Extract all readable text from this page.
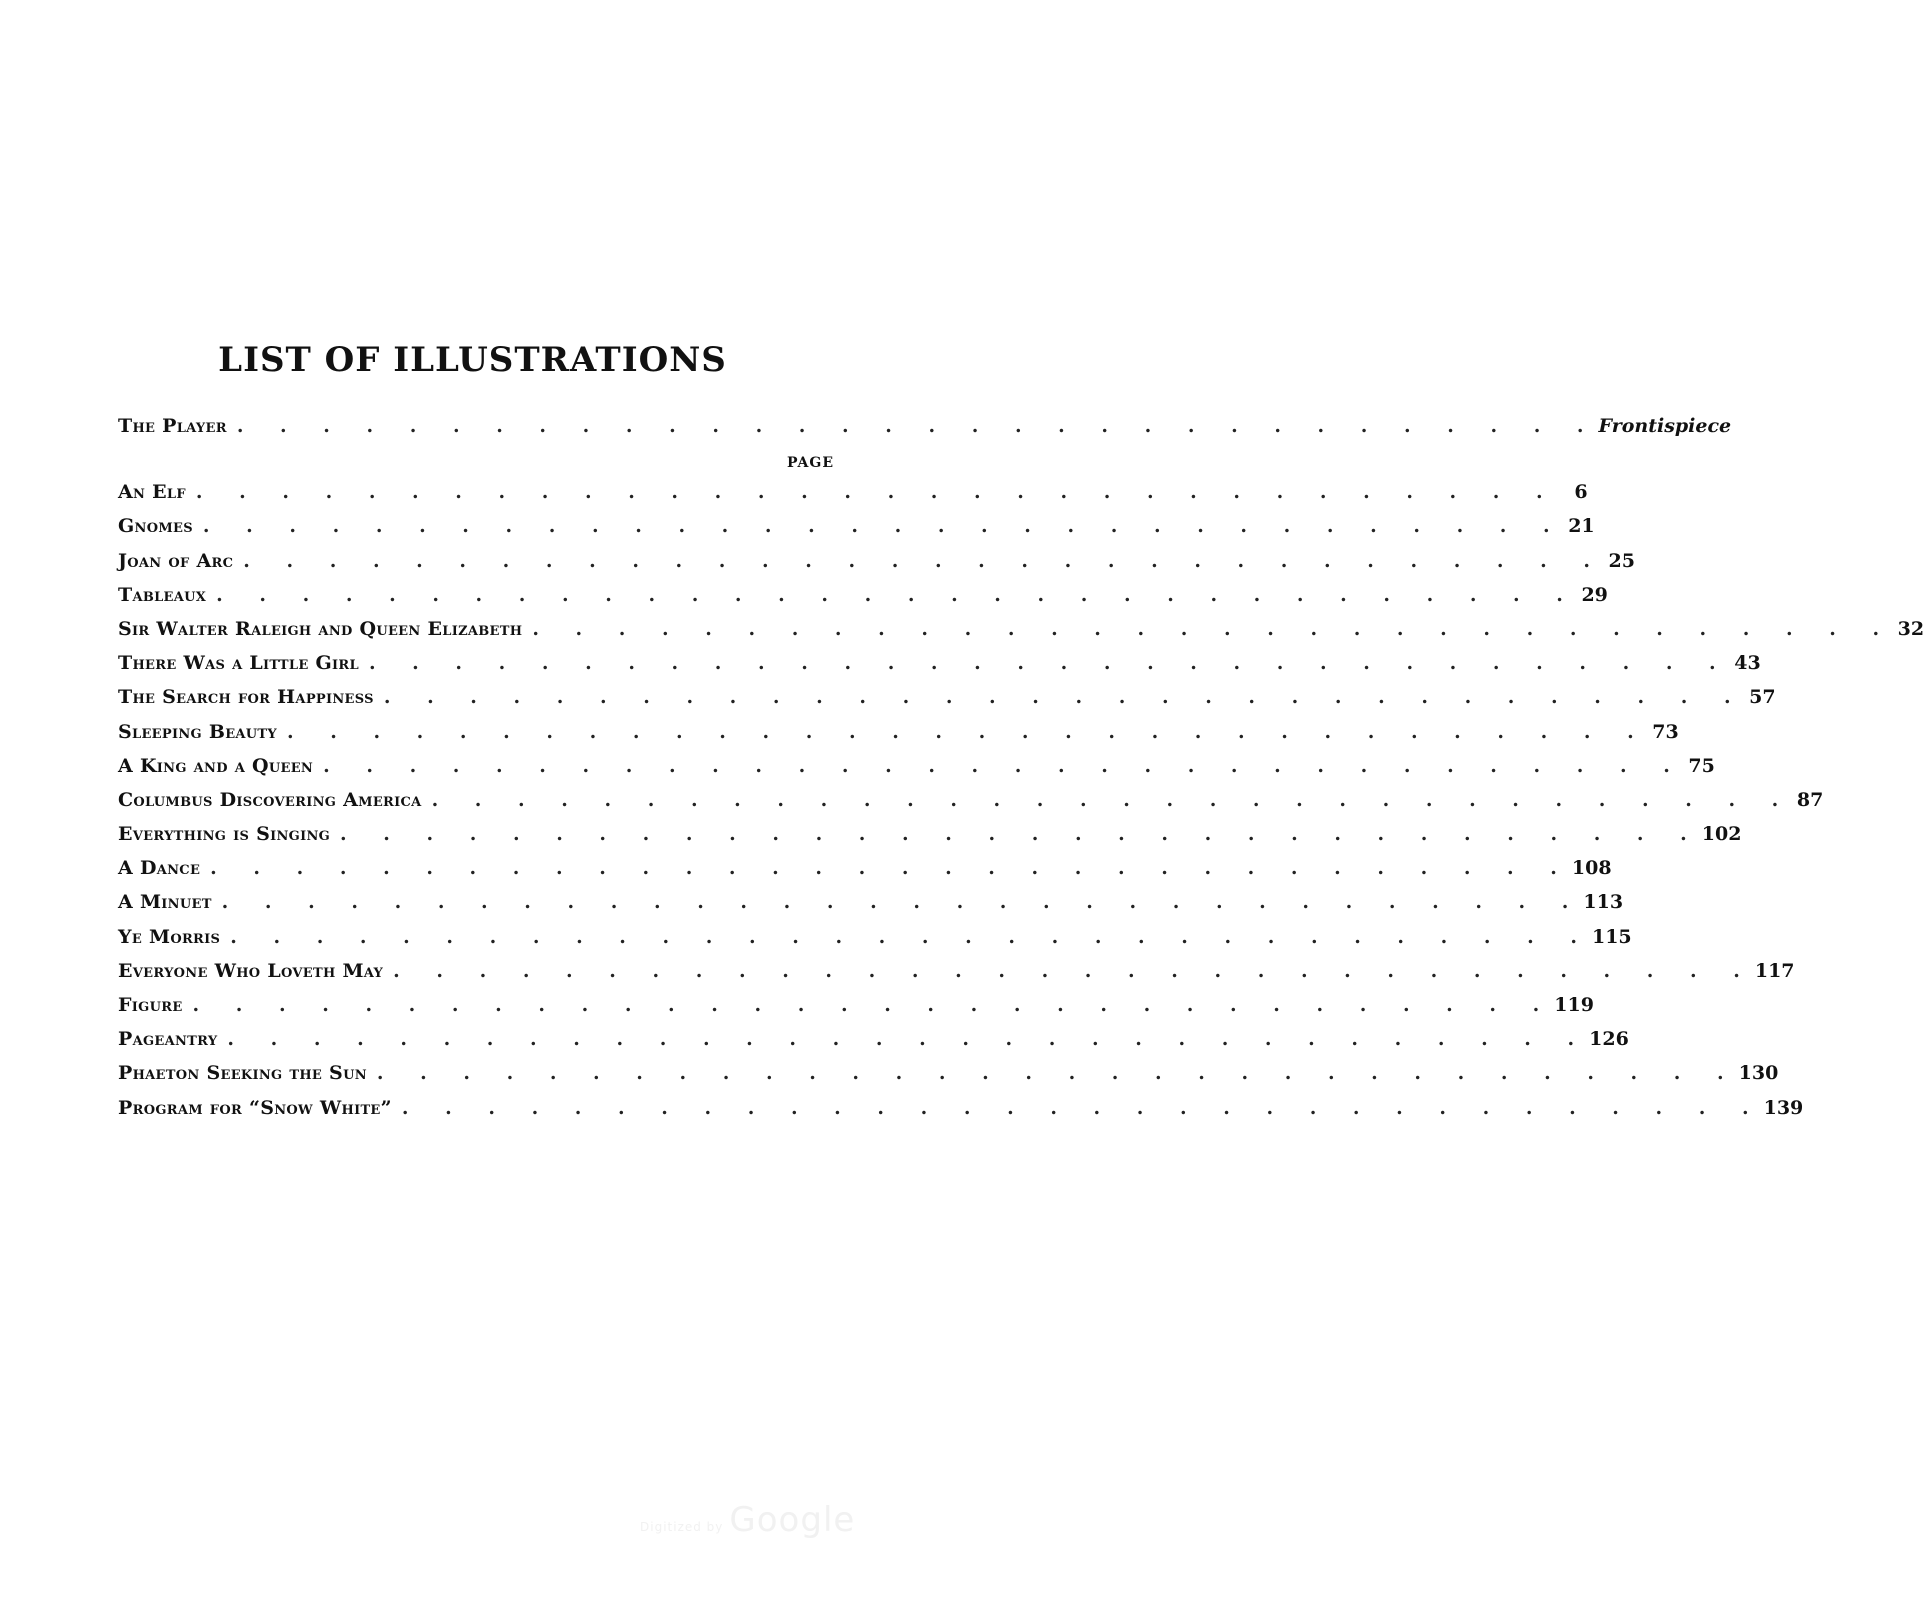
LIST OF ILLUSTRATIONS
The Player . . . . . . . . . . . . . . . . . . . . . . . . . . . . . . . . Frontispiece
PAGE
An Elf . . . . . . . . . . . . . . . . . . . . . . . . . . . . . . . . 6
Gnomes . . . . . . . . . . . . . . . . . . . . . . . . . . . . . . . . 21
Joan of Arc . . . . . . . . . . . . . . . . . . . . . . . . . . . . . . . . 25
Tableaux . . . . . . . . . . . . . . . . . . . . . . . . . . . . . . . . 29
Sir Walter Raleigh and Queen Elizabeth . . . . . . . . . . . . . . . . . . . . . . . . . . . . . . . . 32
There Was a Little Girl . . . . . . . . . . . . . . . . . . . . . . . . . . . . . . . . 43
The Search for Happiness . . . . . . . . . . . . . . . . . . . . . . . . . . . . . . . . 57
Sleeping Beauty . . . . . . . . . . . . . . . . . . . . . . . . . . . . . . . . 73
A King and a Queen . . . . . . . . . . . . . . . . . . . . . . . . . . . . . . . . 75
Columbus Discovering America . . . . . . . . . . . . . . . . . . . . . . . . . . . . . . . . 87
Everything is Singing . . . . . . . . . . . . . . . . . . . . . . . . . . . . . . . . 102
A Dance . . . . . . . . . . . . . . . . . . . . . . . . . . . . . . . . 108
A Minuet . . . . . . . . . . . . . . . . . . . . . . . . . . . . . . . . 113
Ye Morris . . . . . . . . . . . . . . . . . . . . . . . . . . . . . . . . 115
Everyone Who Loveth May . . . . . . . . . . . . . . . . . . . . . . . . . . . . . . . . 117
Figure . . . . . . . . . . . . . . . . . . . . . . . . . . . . . . . . 119
Pageantry . . . . . . . . . . . . . . . . . . . . . . . . . . . . . . . . 126
Phaeton Seeking the Sun . . . . . . . . . . . . . . . . . . . . . . . . . . . . . . . . 130
Program for “Snow White” . . . . . . . . . . . . . . . . . . . . . . . . . . . . . . . . 139
Digitized by Google
